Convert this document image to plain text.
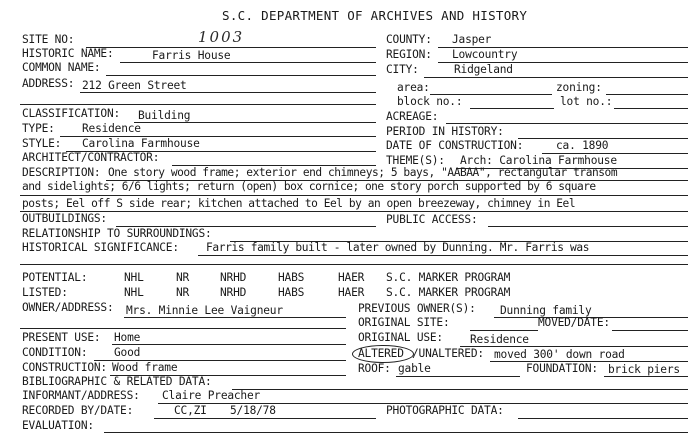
S.C. DEPARTMENT OF ARCHIVES AND HISTORY
SITE NO:	1003	COUNTY: Jasper
HISTORIC NAME:	Farris House	REGION: Lowcountry
COMMON NAME:	CITY:	Ridgeland
ADDRESS: 212 Green Street	area:	zoning:
block no.:	lot no.:
CLASSIFICATION: Building	ACREAGE:
TYPE: Residence	PERIOD IN HISTORY:
STYLE: Carolina Farmhouse	DATE OF CONSTRUCTION:	ca. 1890
ARCHITECT/CONTRACTOR:	THEME(S): Arch: Carolina Farmhouse
DESCRIPTION: One story wood frame; exterior end chimneys; 5 bays, "AABAA", rectangular transom
and sidelights; 6/6 lights; return (open) box cornice; one story porch supported by 6 square
posts; Eel off S side rear; kitchen attached to Eel by an open breezeway, chimney in Eel
OUTBUILDINGS:	PUBLIC ACCESS:
RELATIONSHIP TO SURROUNDINGS:
HISTORICAL SIGNIFICANCE: Farris family built - later owned by Dunning. Mr. Farris was
POTENTIAL:	NHL	NR	NRHD	HABS	HAER S.C. MARKER PROGRAM
LISTED:	NHL	NR	NRHD	HABS	HAER S.C. MARKER PROGRAM
OWNER/ADDRESS: Mrs. Minnie Lee Vaigneur	PREVIOUS OWNER(S): Dunning family
ORIGINAL SITE:	MOVED/DATE:
PRESENT USE: Home	ORIGINAL USE: Residence
CONDITION: Good	ALTERED /UNALTERED: moved 300' down road
CONSTRUCTION: Wood frame	ROOF: gable	FOUNDATION: brick piers
BIBLIOGRAPHIC & RELATED DATA:
INFORMANT/ADDRESS: Claire Preacher
RECORDED BY/DATE:	CC,ZI 5/18/78	PHOTOGRAPHIC DATA:
EVALUATION:
